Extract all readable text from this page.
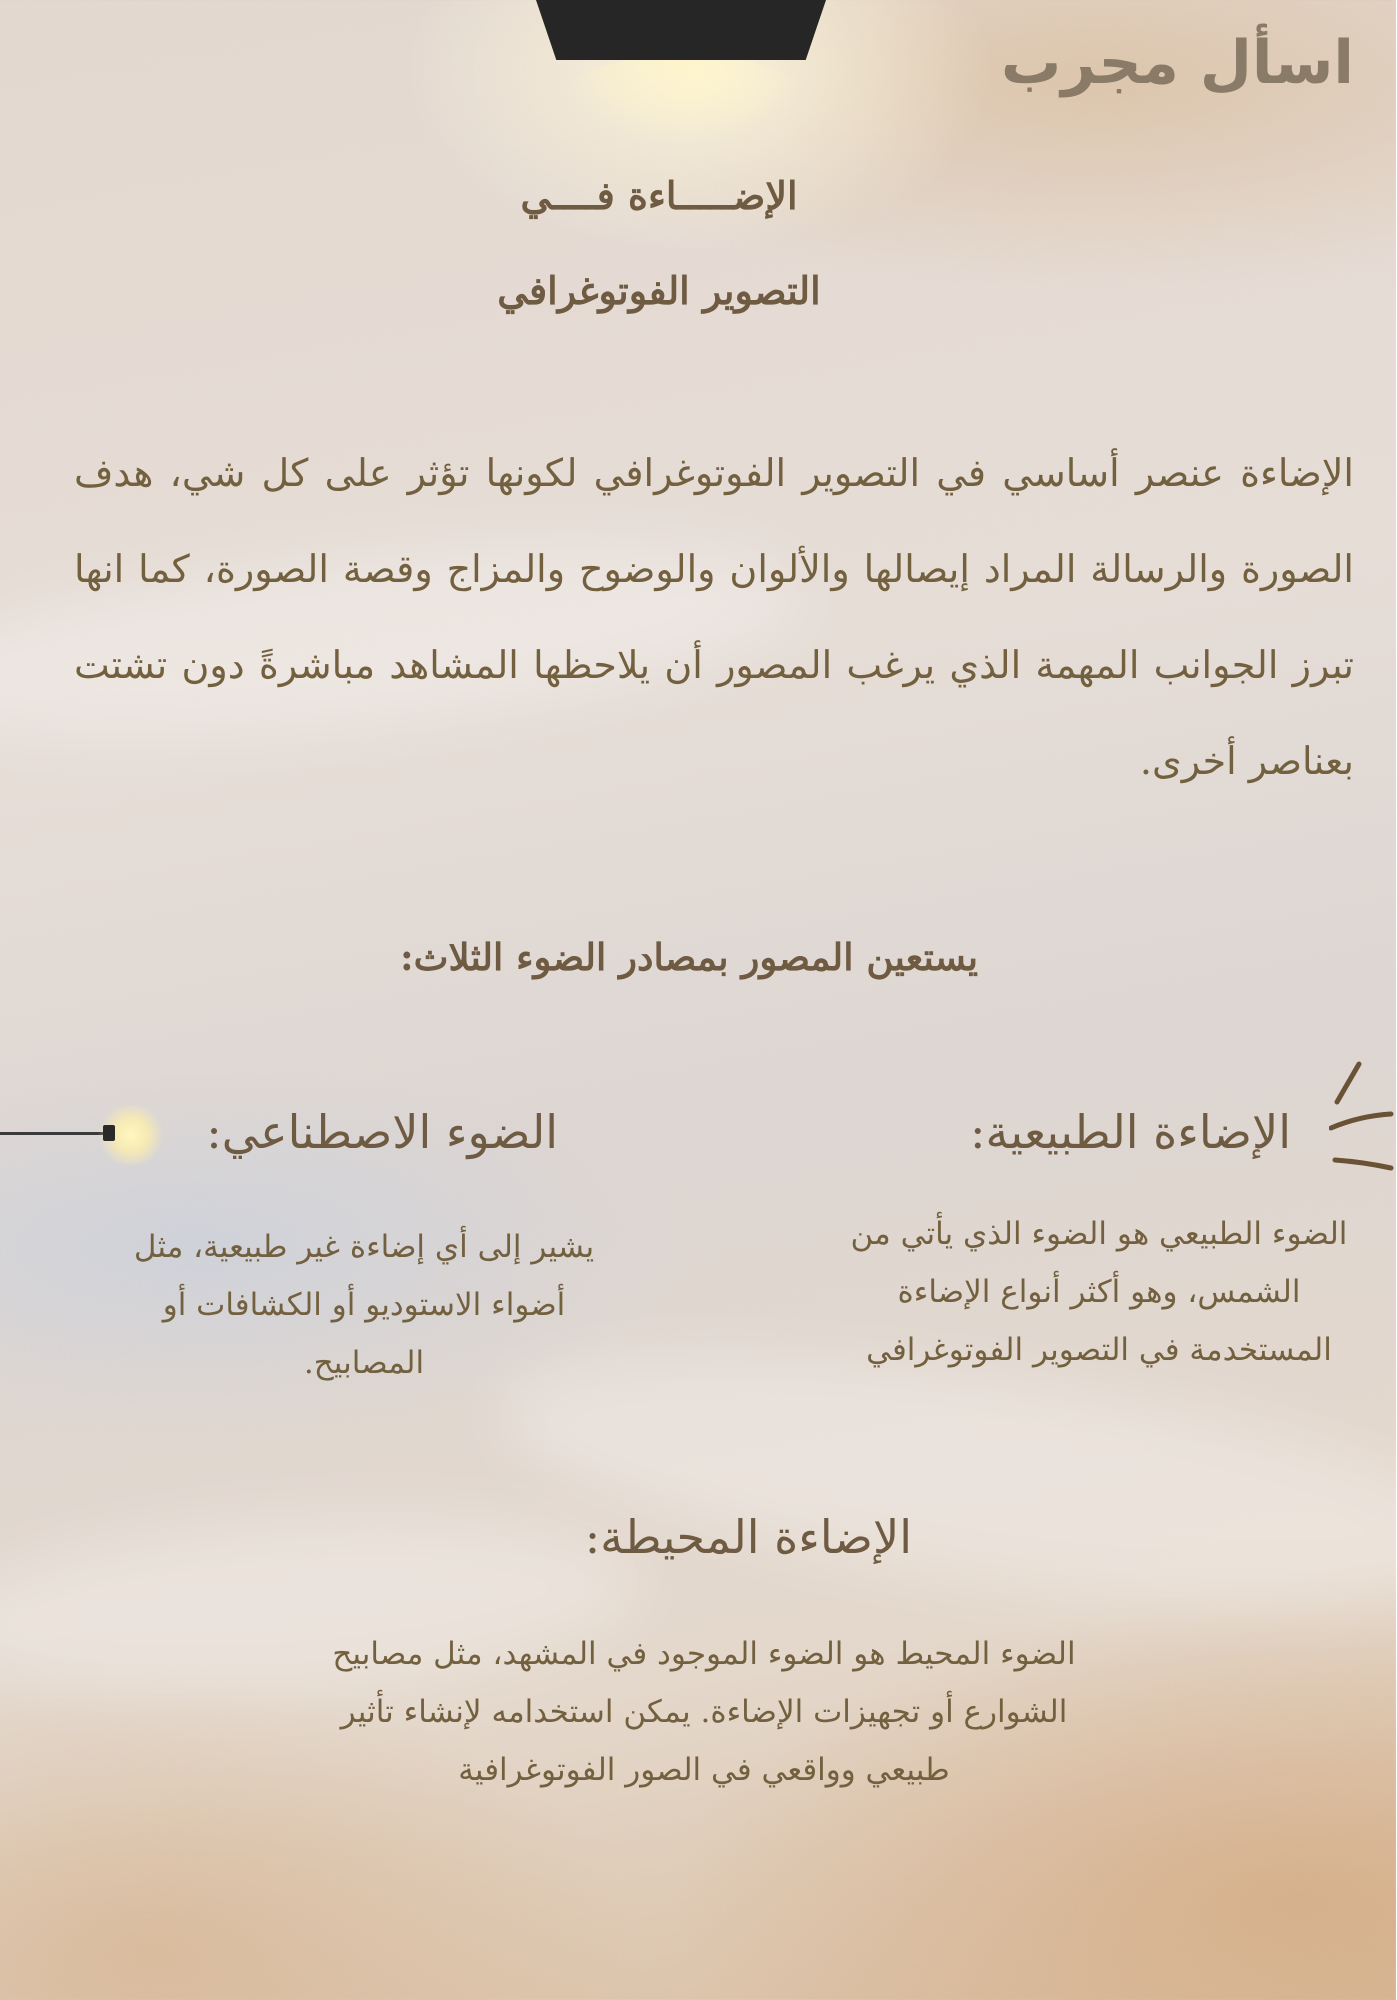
اسأل مجرب
الإضـــــاءة فــــي
التصوير الفوتوغرافي

الإضاءة عنصر أساسي في التصوير الفوتوغرافي لكونها تؤثر على كل شي، هدف الصورة والرسالة المراد إيصالها والألوان والوضوح والمزاج وقصة الصورة، كما انها تبرز الجوانب المهمة الذي يرغب المصور أن يلاحظها المشاهد مباشرةً دون تشتت بعناصر أخرى.

يستعين المصور بمصادر الضوء الثلاث:
الإضاءة الطبيعية:

الضوء الطبيعي هو الضوء الذي يأتي من الشمس، وهو أكثر أنواع الإضاءة المستخدمة في التصوير الفوتوغرافي

الضوء الاصطناعي:

يشير إلى أي إضاءة غير طبيعية، مثل أضواء الاستوديو أو الكشافات أو المصابيح.

الإضاءة المحيطة:

الضوء المحيط هو الضوء الموجود في المشهد، مثل مصابيح الشوارع أو تجهيزات الإضاءة. يمكن استخدامه لإنشاء تأثير طبيعي وواقعي في الصور الفوتوغرافية
